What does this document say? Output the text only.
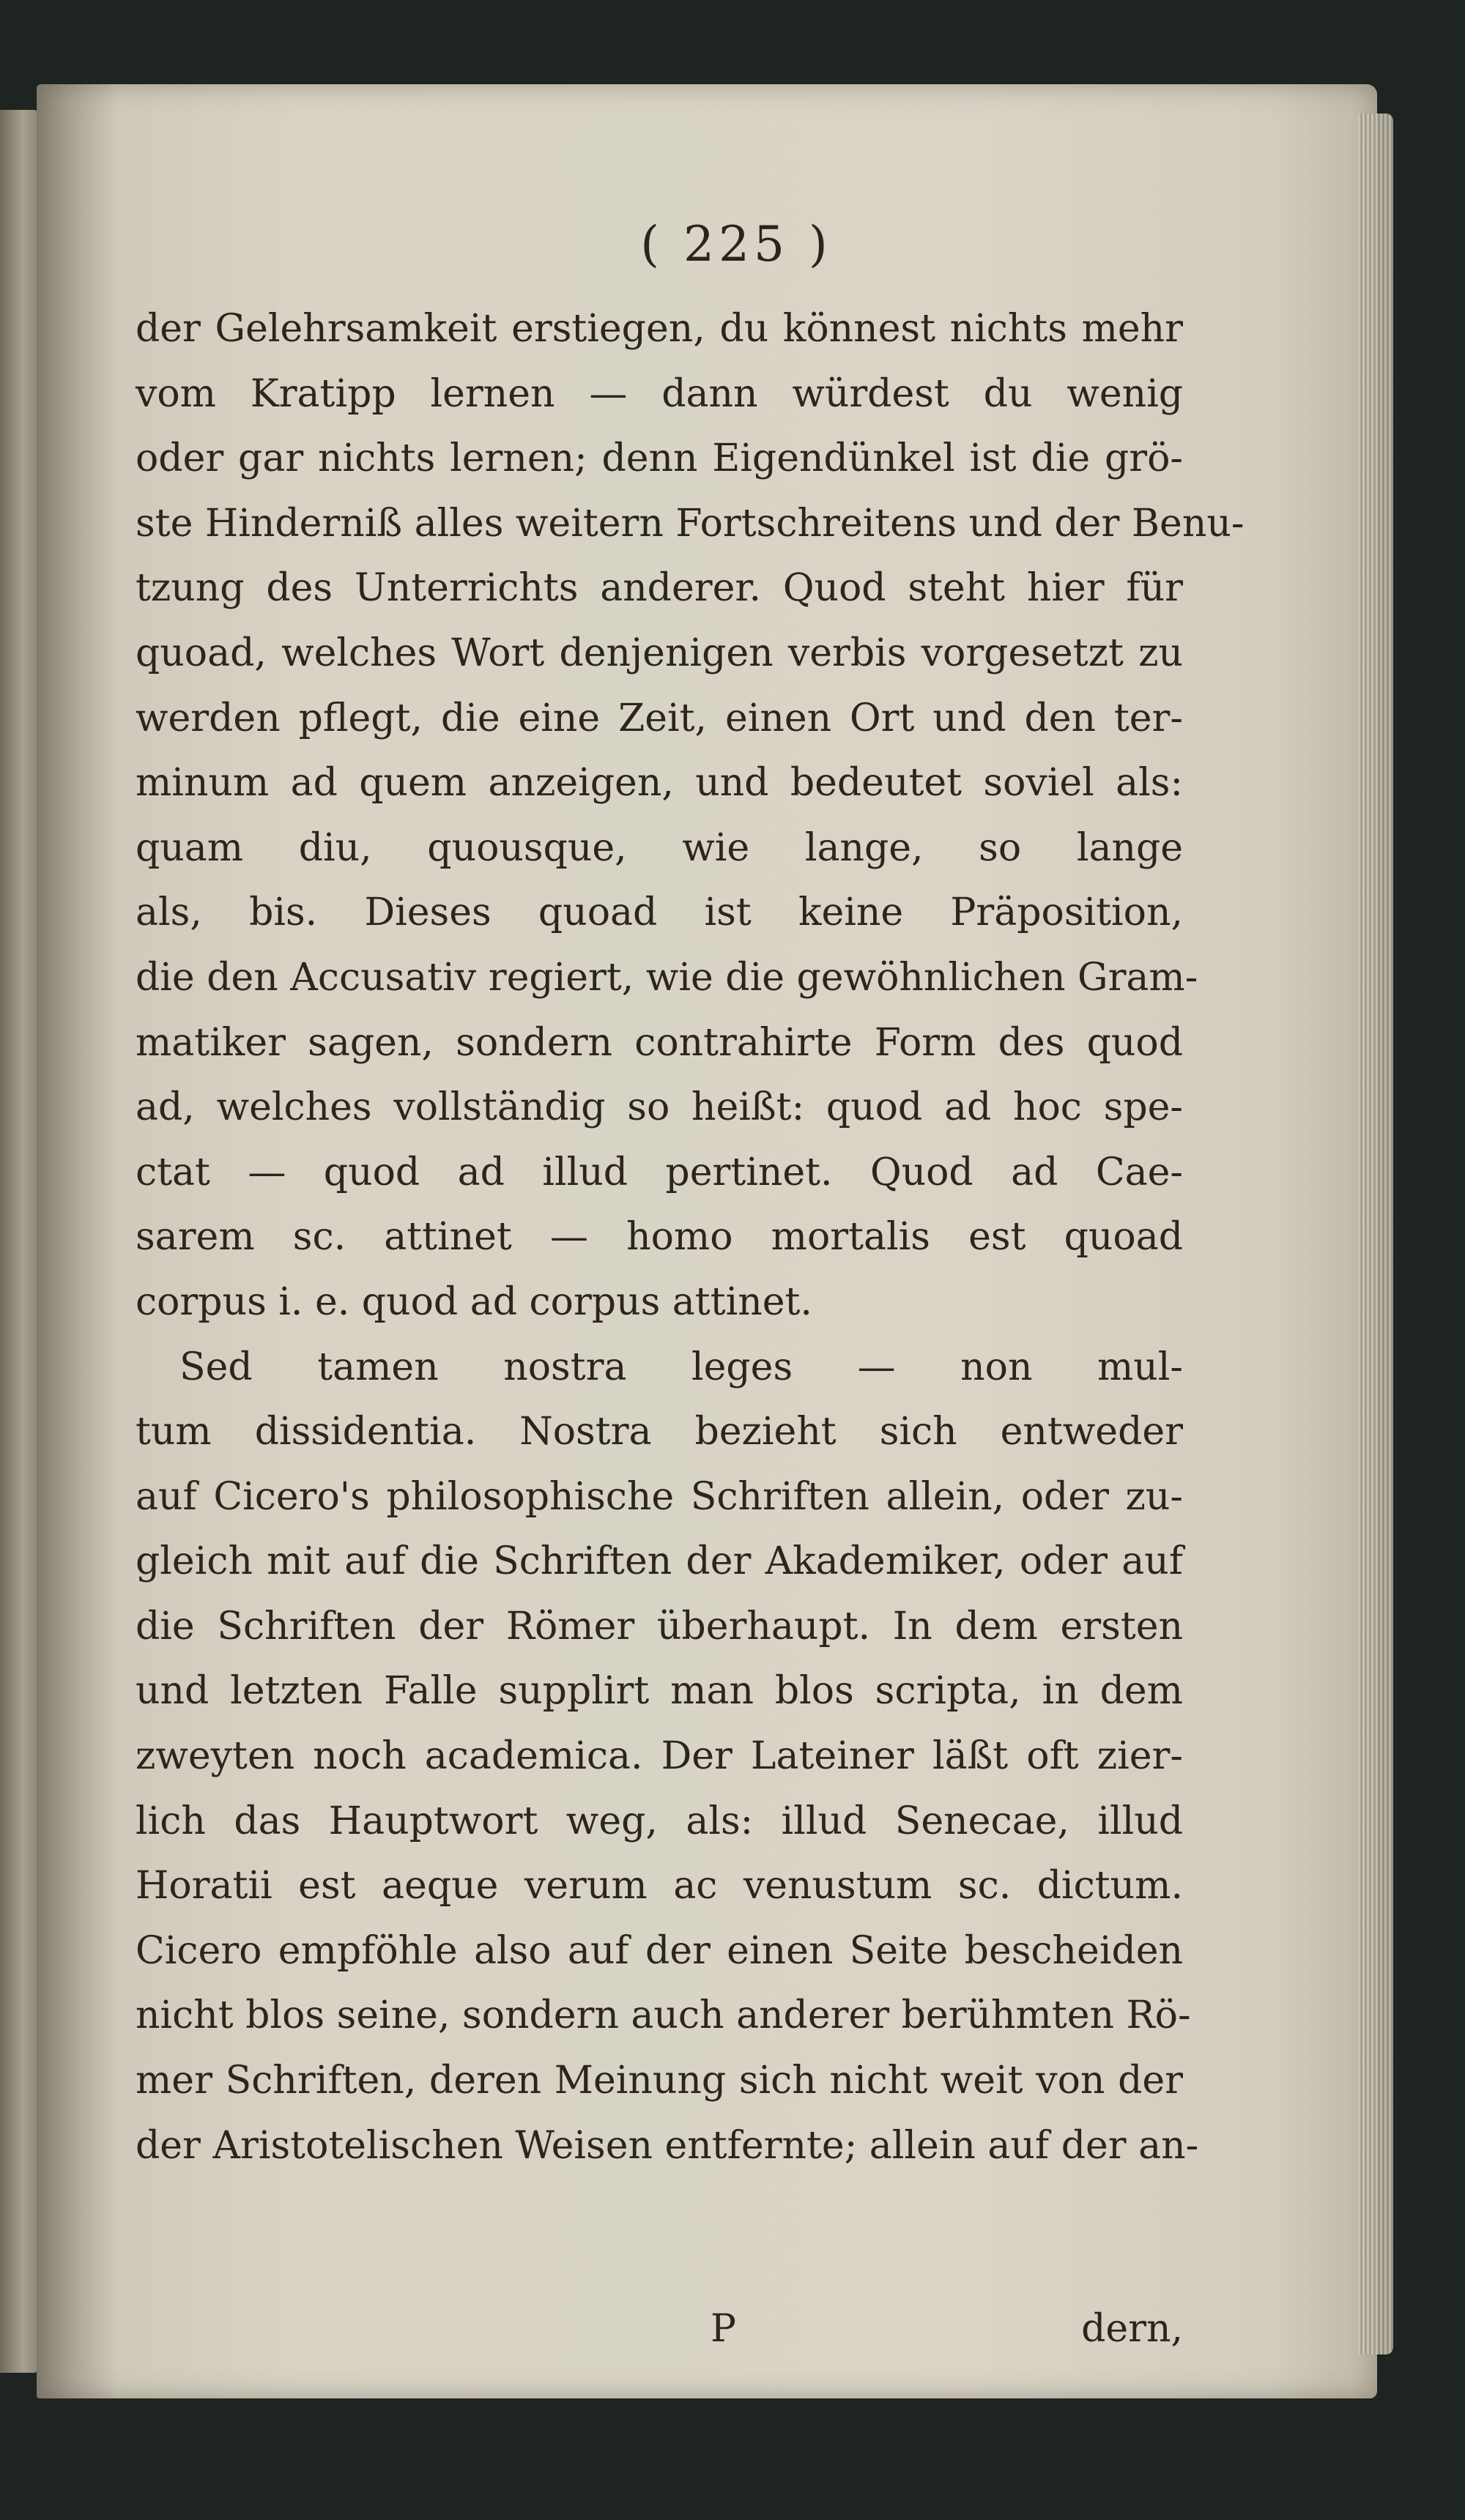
( 225 )
der Gelehrsamkeit erstiegen, du könnest nichts mehr
vom Kratipp lernen — dann würdest du wenig
oder gar nichts lernen; denn Eigendünkel ist die grö-
ste Hinderniß alles weitern Fortschreitens und der Benu-
tzung des Unterrichts anderer. Quod steht hier für
quoad, welches Wort denjenigen verbis vorgesetzt zu
werden pflegt, die eine Zeit, einen Ort und den ter-
minum ad quem anzeigen, und bedeutet soviel als:
quam diu, quousque, wie lange, so lange
als, bis. Dieses quoad ist keine Präposition,
die den Accusativ regiert, wie die gewöhnlichen Gram-
matiker sagen, sondern contrahirte Form des quod
ad, welches vollständig so heißt: quod ad hoc spe-
ctat — quod ad illud pertinet. Quod ad Cae-
sarem sc. attinet — homo mortalis est quoad
corpus i. e. quod ad corpus attinet.
Sed tamen nostra leges — non mul-
tum dissidentia. Nostra bezieht sich entweder
auf Cicero's philosophische Schriften allein, oder zu-
gleich mit auf die Schriften der Akademiker, oder auf
die Schriften der Römer überhaupt. In dem ersten
und letzten Falle supplirt man blos scripta, in dem
zweyten noch academica. Der Lateiner läßt oft zier-
lich das Hauptwort weg, als: illud Senecae, illud
Horatii est aeque verum ac venustum sc. dictum.
Cicero empföhle also auf der einen Seite bescheiden
nicht blos seine, sondern auch anderer berühmten Rö-
mer Schriften, deren Meinung sich nicht weit von der
der Aristotelischen Weisen entfernte; allein auf der an-
P	dern,
